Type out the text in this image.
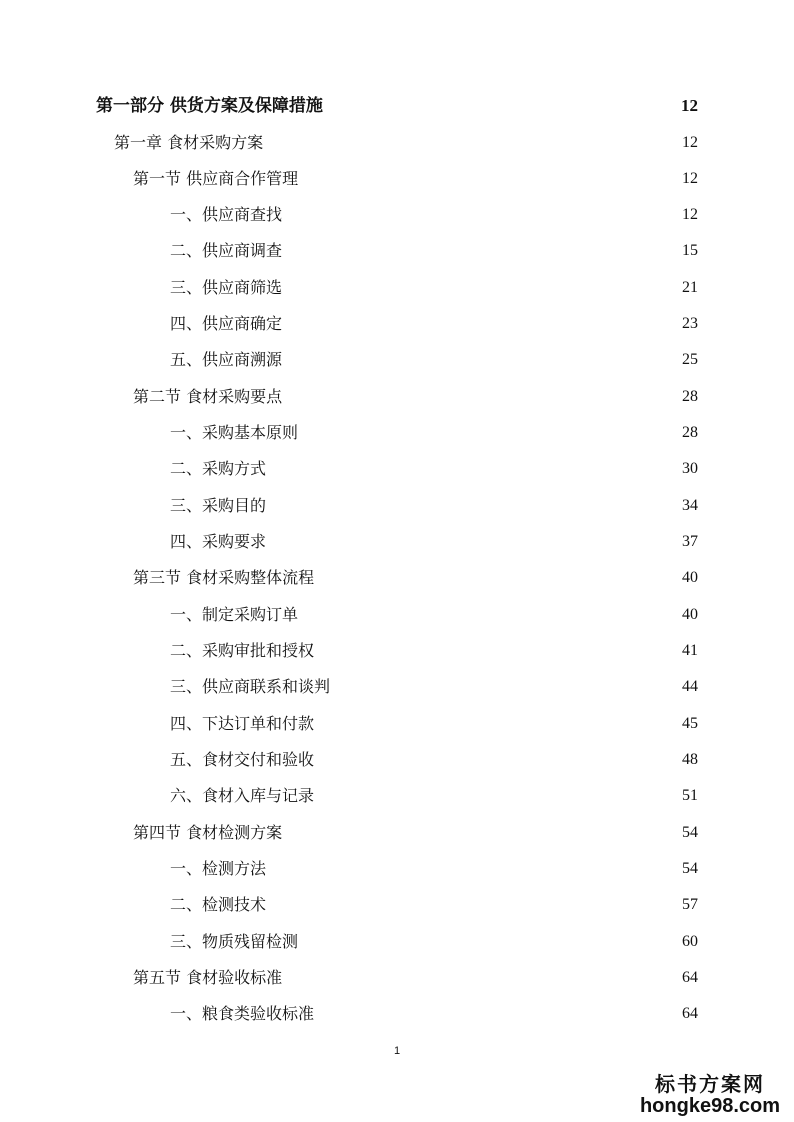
第一部分 供货方案及保障措施	12
第一章 食材采购方案	12
第一节 供应商合作管理	12
一、供应商查找	12
二、供应商调查	15
三、供应商筛选	21
四、供应商确定	23
五、供应商溯源	25
第二节 食材采购要点	28
一、采购基本原则	28
二、采购方式	30
三、采购目的	34
四、采购要求	37
第三节 食材采购整体流程	40
一、制定采购订单	40
二、采购审批和授权	41
三、供应商联系和谈判	44
四、下达订单和付款	45
五、食材交付和验收	48
六、食材入库与记录	51
第四节 食材检测方案	54
一、检测方法	54
二、检测技术	57
三、物质残留检测	60
第五节 食材验收标准	64
一、粮食类验收标准	64
1
标书方案网
hongke98.com
